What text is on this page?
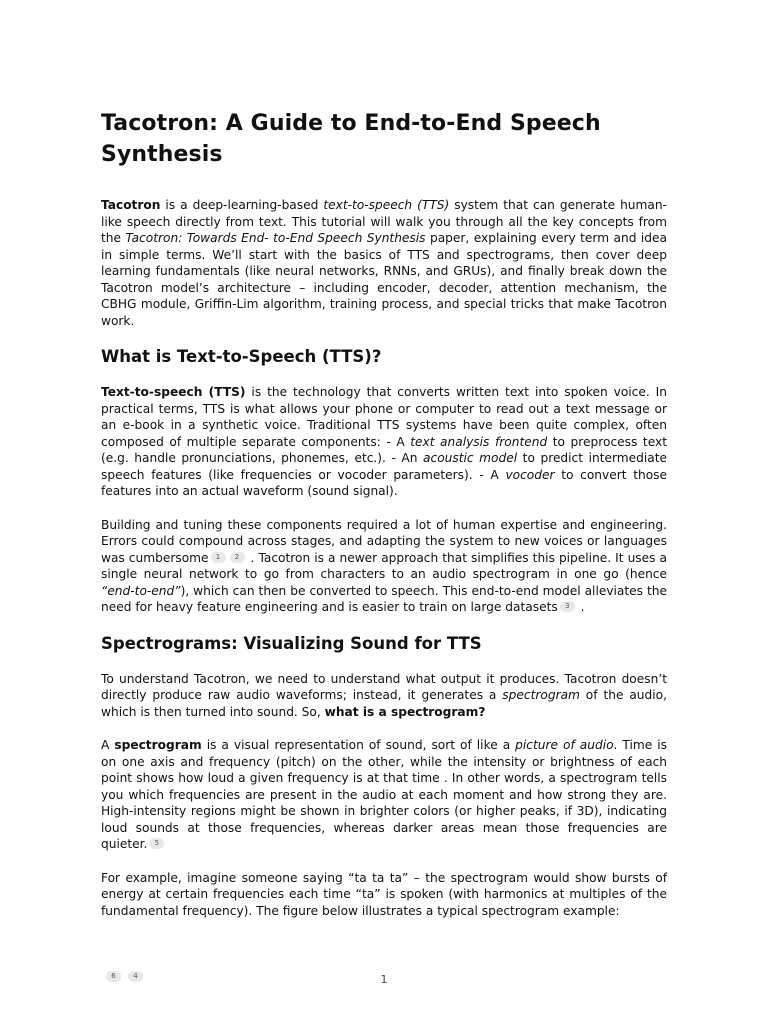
Tacotron: A Guide to End-to-End Speech Synthesis

Tacotron is a deep-learning-based text-to-speech (TTS) system that can generate human-like speech directly from text. This tutorial will walk you through all the key concepts from the Tacotron: Towards End- to-End Speech Synthesis paper, explaining every term and idea in simple terms. We’ll start with the basics of TTS and spectrograms, then cover deep learning fundamentals (like neural networks, RNNs, and GRUs), and finally break down the Tacotron model’s architecture – including encoder, decoder, attention mechanism, the CBHG module, Griffin-Lim algorithm, training process, and special tricks that make Tacotron work.

What is Text-to-Speech (TTS)?

Text-to-speech (TTS) is the technology that converts written text into spoken voice. In practical terms, TTS is what allows your phone or computer to read out a text message or an e-book in a synthetic voice. Traditional TTS systems have been quite complex, often composed of multiple separate components: - A text analysis frontend to preprocess text (e.g. handle pronunciations, phonemes, etc.). - An acoustic model to predict intermediate speech features (like frequencies or vocoder parameters). - A vocoder to convert those features into an actual waveform (sound signal).

Building and tuning these components required a lot of human expertise and engineering. Errors could compound across stages, and adapting the system to new voices or languages was cumbersome 1 2 . Tacotron is a newer approach that simplifies this pipeline. It uses a single neural network to go from characters to an audio spectrogram in one go (hence “end-to-end”), which can then be converted to speech. This end-to-end model alleviates the need for heavy feature engineering and is easier to train on large datasets 3 .

Spectrograms: Visualizing Sound for TTS

To understand Tacotron, we need to understand what output it produces. Tacotron doesn’t directly produce raw audio waveforms; instead, it generates a spectrogram of the audio, which is then turned into sound. So, what is a spectrogram?

A spectrogram is a visual representation of sound, sort of like a picture of audio. Time is on one axis and frequency (pitch) on the other, while the intensity or brightness of each point shows how loud a given frequency is at that time . In other words, a spectrogram tells you which frequencies are present in the audio at each moment and how strong they are. High-intensity regions might be shown in brighter colors (or higher peaks, if 3D), indicating loud sounds at those frequencies, whereas darker areas mean those frequencies are quieter. 5

For example, imagine someone saying “ta ta ta” – the spectrogram would show bursts of energy at certain frequencies each time “ta” is spoken (with harmonics at multiples of the fundamental frequency). The figure below illustrates a typical spectrogram example:

6	4	1
